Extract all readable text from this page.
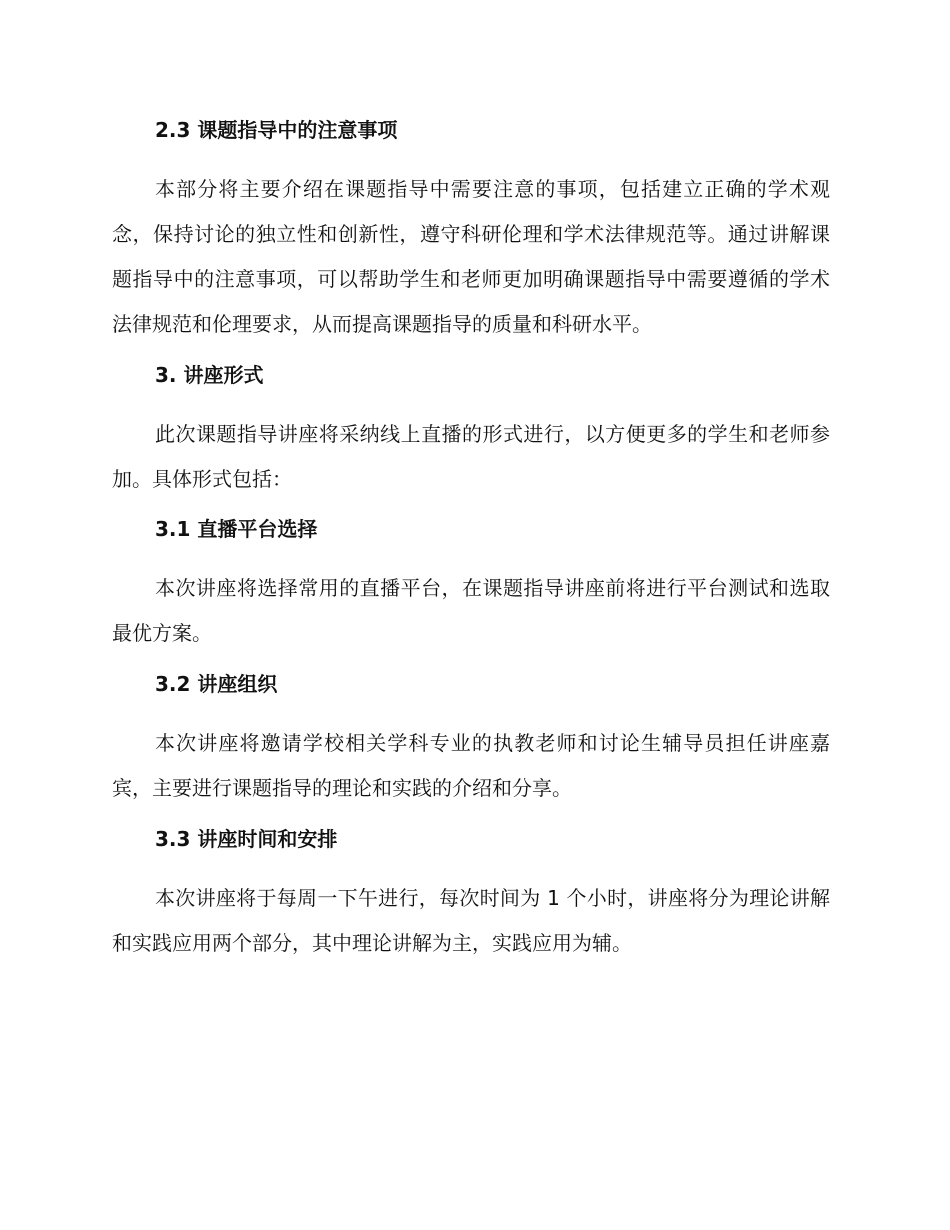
2.3 课题指导中的注意事项

本部分将主要介绍在课题指导中需要注意的事项，包括建立正确的学术观念，保持讨论的独立性和创新性，遵守科研伦理和学术法律规范等。通过讲解课题指导中的注意事项，可以帮助学生和老师更加明确课题指导中需要遵循的学术法律规范和伦理要求，从而提高课题指导的质量和科研水平。

3. 讲座形式

此次课题指导讲座将采纳线上直播的形式进行，以方便更多的学生和老师参加。具体形式包括：

3.1 直播平台选择

本次讲座将选择常用的直播平台，在课题指导讲座前将进行平台测试和选取最优方案。

3.2 讲座组织

本次讲座将邀请学校相关学科专业的执教老师和讨论生辅导员担任讲座嘉宾，主要进行课题指导的理论和实践的介绍和分享。

3.3 讲座时间和安排

本次讲座将于每周一下午进行，每次时间为 1 个小时，讲座将分为理论讲解和实践应用两个部分，其中理论讲解为主，实践应用为辅。
